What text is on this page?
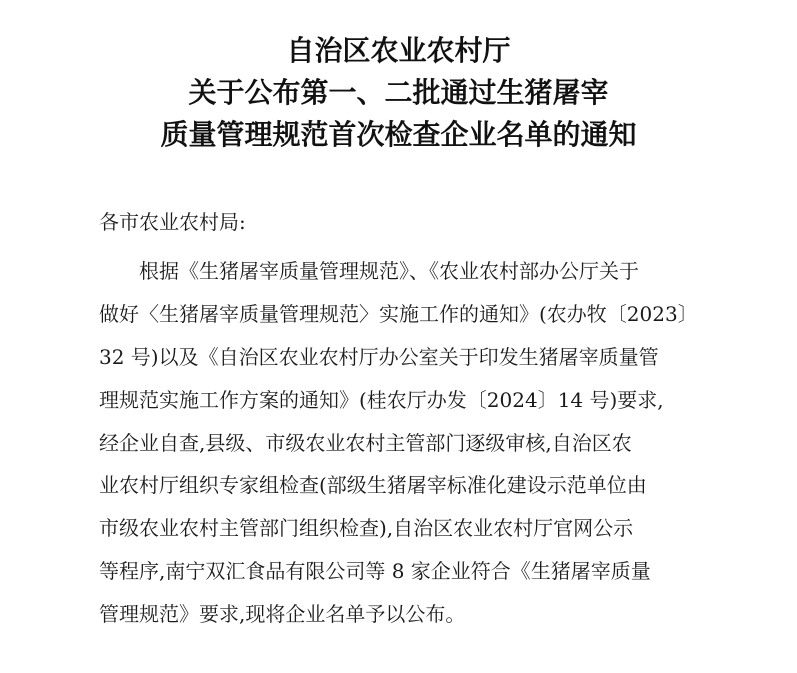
自治区农业农村厅
关于公布第一、二批通过生猪屠宰
质量管理规范首次检查企业名单的通知
各市农业农村局:
根据《生猪屠宰质量管理规范》、《农业农村部办公厅关于
做好〈生猪屠宰质量管理规范〉实施工作的通知》(农办牧〔2023〕
32 号)以及《自治区农业农村厅办公室关于印发生猪屠宰质量管
理规范实施工作方案的通知》(桂农厅办发〔2024〕14 号)要求,
经企业自查,县级、市级农业农村主管部门逐级审核,自治区农
业农村厅组织专家组检查(部级生猪屠宰标准化建设示范单位由
市级农业农村主管部门组织检查),自治区农业农村厅官网公示
等程序,南宁双汇食品有限公司等 8 家企业符合《生猪屠宰质量
管理规范》要求,现将企业名单予以公布。
